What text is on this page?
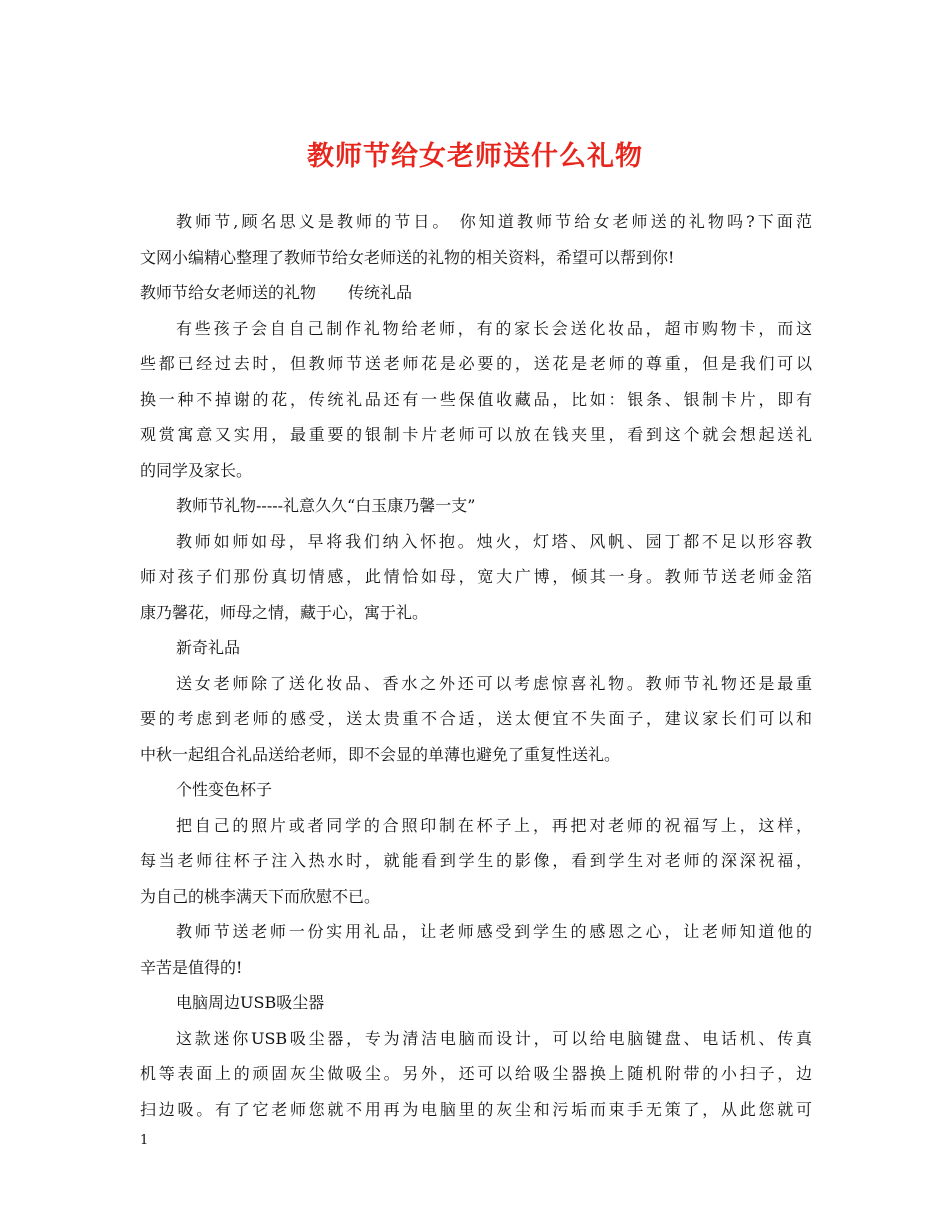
教师节给女老师送什么礼物
教师节,顾名思义是教师的节日。 你知道教师节给女老师送的礼物吗?下面范
文网小编精心整理了教师节给女老师送的礼物的相关资料，希望可以帮到你!
教师节给女老师送的礼物　　传统礼品
有些孩子会自自己制作礼物给老师，有的家长会送化妆品，超市购物卡，而这
些都已经过去时，但教师节送老师花是必要的，送花是老师的尊重，但是我们可以
换一种不掉谢的花，传统礼品还有一些保值收藏品，比如：银条、银制卡片，即有
观赏寓意又实用，最重要的银制卡片老师可以放在钱夹里，看到这个就会想起送礼
的同学及家长。
教师节礼物-----礼意久久“白玉康乃馨一支”
教师如师如母，早将我们纳入怀抱。烛火，灯塔、风帆、园丁都不足以形容教
师对孩子们那份真切情感，此情恰如母，宽大广博，倾其一身。教师节送老师金箔
康乃馨花，师母之情，藏于心，寓于礼。
新奇礼品
送女老师除了送化妆品、香水之外还可以考虑惊喜礼物。教师节礼物还是最重
要的考虑到老师的感受，送太贵重不合适，送太便宜不失面子，建议家长们可以和
中秋一起组合礼品送给老师，即不会显的单薄也避免了重复性送礼。
个性变色杯子
把自己的照片或者同学的合照印制在杯子上，再把对老师的祝福写上，这样，
每当老师往杯子注入热水时，就能看到学生的影像，看到学生对老师的深深祝福，
为自己的桃李满天下而欣慰不已。
教师节送老师一份实用礼品，让老师感受到学生的感恩之心，让老师知道他的
辛苦是值得的!
电脑周边USB吸尘器
这款迷你USB吸尘器，专为清洁电脑而设计，可以给电脑键盘、电话机、传真
机等表面上的顽固灰尘做吸尘。另外，还可以给吸尘器换上随机附带的小扫子，边
扫边吸。有了它老师您就不用再为电脑里的灰尘和污垢而束手无策了，从此您就可
1
